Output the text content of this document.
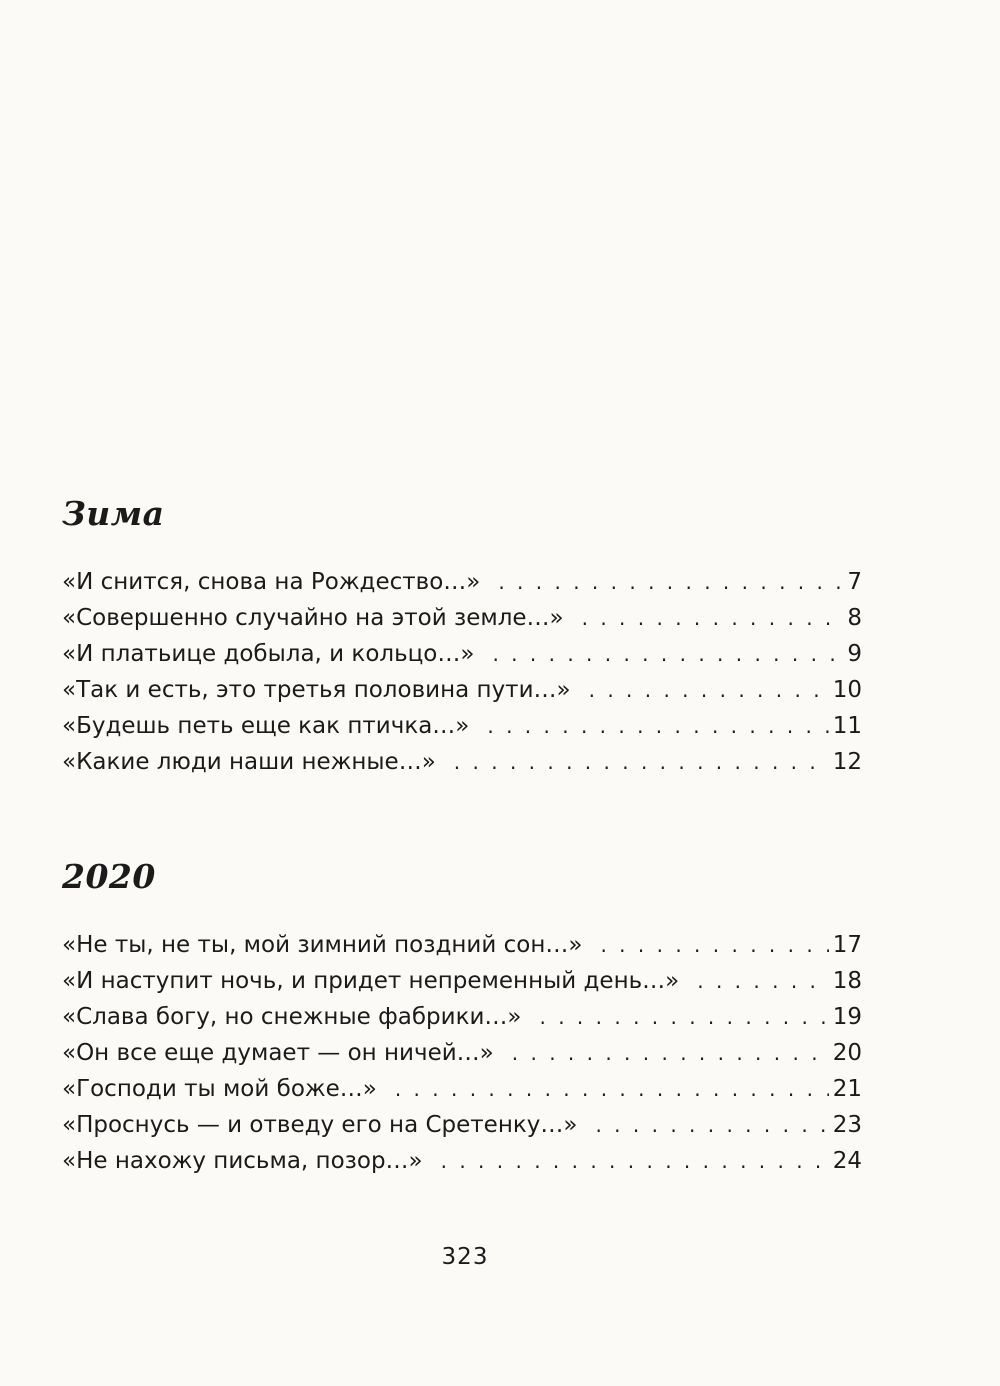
Зима
«И снится, снова на Рождество…» . . .	7
«Совершенно случайно на этой земле…» . . .	8
«И платьице добыла, и кольцо…» . . .	9
«Так и есть, это третья половина пути…» . . .	10
«Будешь петь еще как птичка…» . . .	11
«Какие люди наши нежные…» . . .	12
2020
«Не ты, не ты, мой зимний поздний сон…» . . .	17
«И наступит ночь, и придет непременный день…» . . .	18
«Слава богу, но снежные фабрики…» . . .	19
«Он все еще думает — он ничей…» . . .	20
«Господи ты мой боже…» . . .	21
«Проснусь — и отведу его на Сретенку…» . . .	23
«Не нахожу письма, позор…» . . .	24
323
